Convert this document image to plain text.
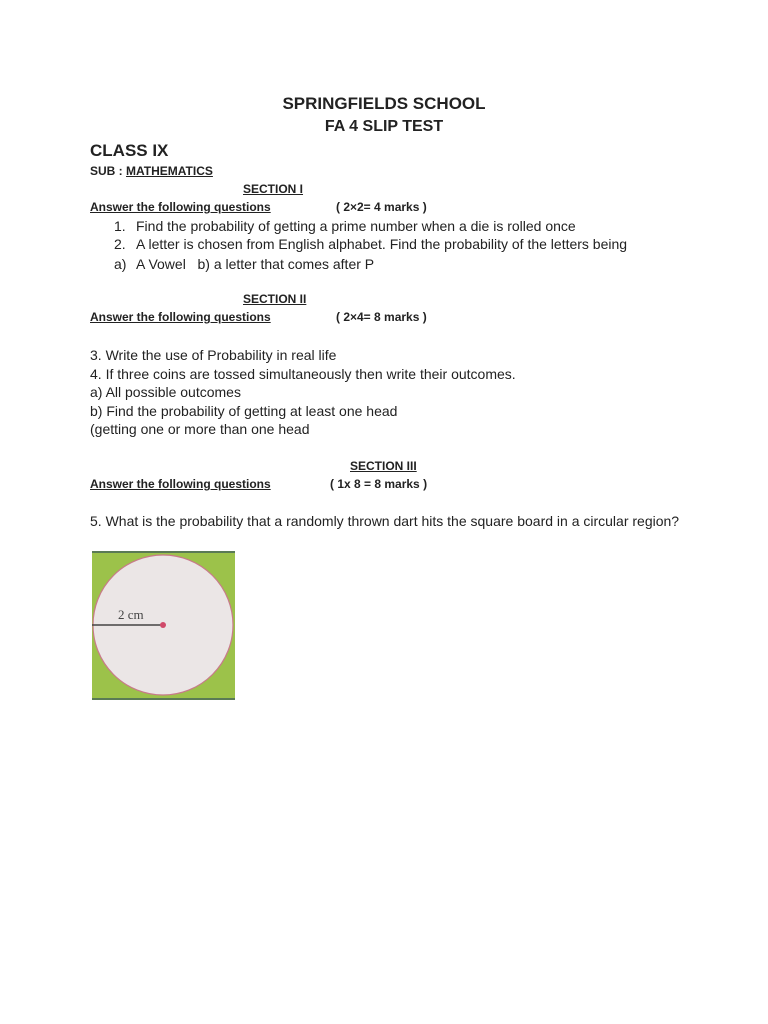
SPRINGFIELDS SCHOOL
FA 4 SLIP TEST
CLASS IX
SUB : MATHEMATICS
SECTION I
Answer the following questions	( 2×2= 4 marks )
1. Find the probability of getting a prime number when a die is rolled once
2. A letter is chosen from English alphabet. Find the probability of the letters being
a) A Vowel   b) a letter that comes after P
SECTION II
Answer the following questions	( 2×4= 8 marks )
3. Write the use of Probability in real life
4. If three coins are tossed simultaneously then write their outcomes.
a) All possible outcomes
b) Find the probability of getting at least one head
(getting one or more than one head
SECTION III
Answer the following questions	( 1x 8 = 8 marks )
5. What is the probability that a randomly thrown dart hits the square board in a circular region?
2 cm
